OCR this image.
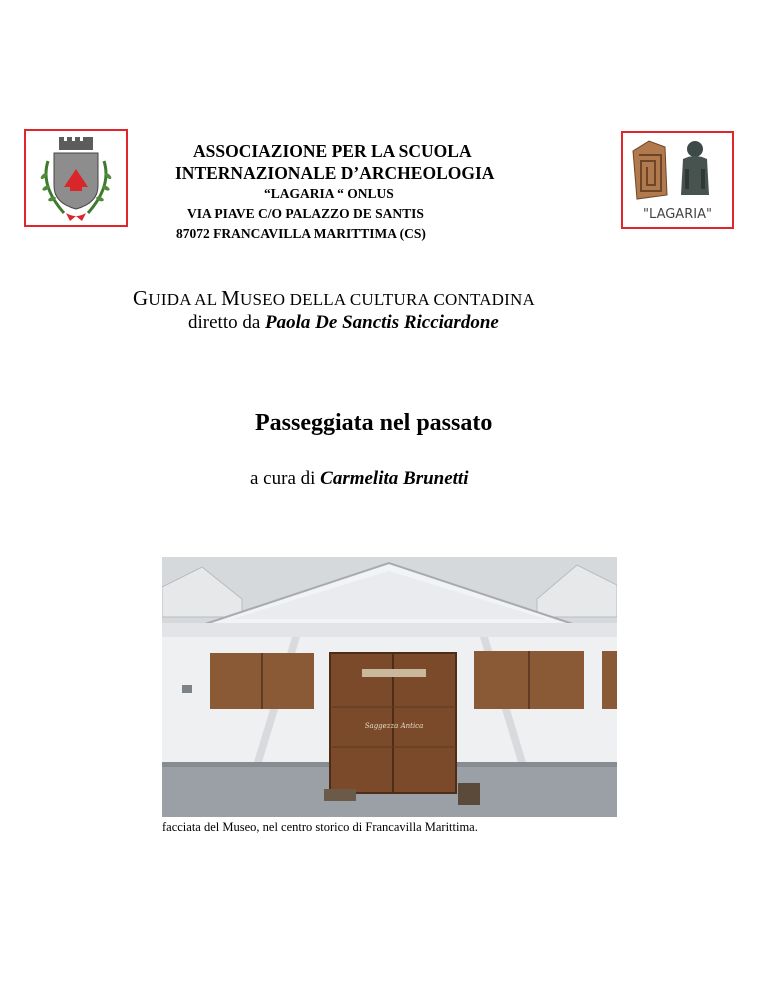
ASSOCIAZIONE PER LA SCUOLA
INTERNAZIONALE D’ARCHEOLOGIA
“LAGARIA “ ONLUS
VIA PIAVE C/O PALAZZO DE SANTIS
87072 FRANCAVILLA MARITTIMA (CS)
"LAGARIA"
GUIDA AL MUSEO DELLA CULTURA CONTADINA
diretto da Paola De Sanctis Ricciardone
Passeggiata nel passato
a cura di Carmelita Brunetti
Saggezza Antica
facciata del Museo, nel centro storico di Francavilla Marittima.
